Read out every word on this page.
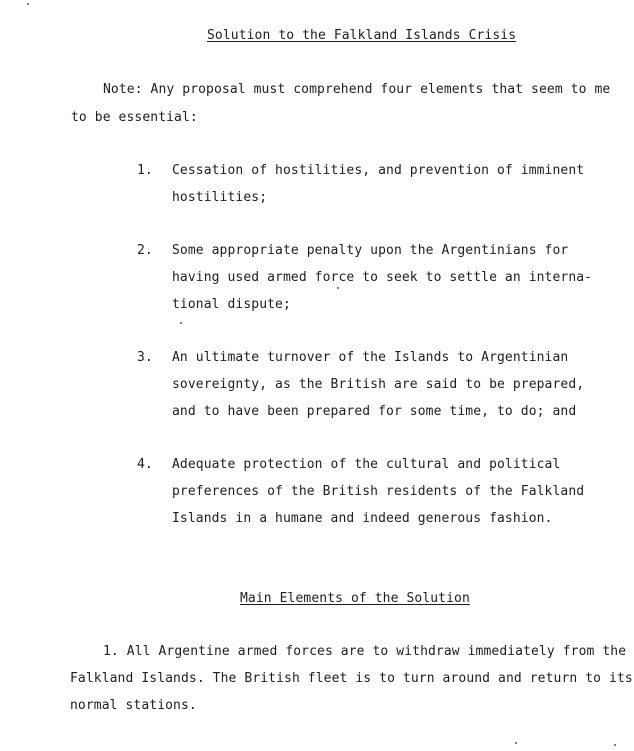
Solution to the Falkland Islands Crisis
Note: Any proposal must comprehend four elements that seem to me
to be essential:
1. Cessation of hostilities, and prevention of imminent
hostilities;
2. Some appropriate penalty upon the Argentinians for
having used armed force to seek to settle an interna-
tional dispute;
3. An ultimate turnover of the Islands to Argentinian
sovereignty, as the British are said to be prepared,
and to have been prepared for some time, to do; and
4. Adequate protection of the cultural and political
preferences of the British residents of the Falkland
Islands in a humane and indeed generous fashion.
Main Elements of the Solution
1. All Argentine armed forces are to withdraw immediately from the
Falkland Islands. The British fleet is to turn around and return to its
normal stations.
